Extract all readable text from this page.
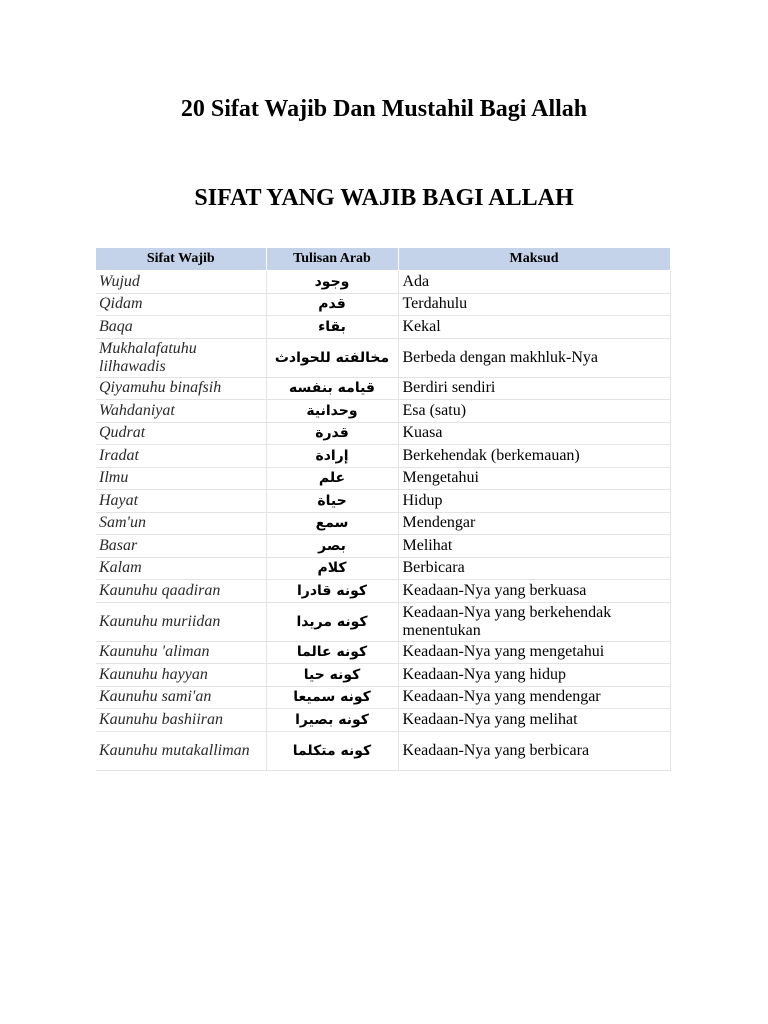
20 Sifat Wajib Dan Mustahil Bagi Allah
SIFAT YANG WAJIB BAGI ALLAH
Sifat Wajib	Tulisan Arab	Maksud
Wujud	وجود	Ada
Qidam	قدم	Terdahulu
Baqa	بقاء	Kekal
Mukhalafatuhu lilhawadis	مخالفته للحوادث	Berbeda dengan makhluk-Nya
Qiyamuhu binafsih	قيامه بنفسه	Berdiri sendiri
Wahdaniyat	وحدانية	Esa (satu)
Qudrat	قدرة	Kuasa
Iradat	إرادة	Berkehendak (berkemauan)
Ilmu	علم	Mengetahui
Hayat	حياة	Hidup
Sam'un	سمع	Mendengar
Basar	بصر	Melihat
Kalam	كلام	Berbicara
Kaunuhu qaadiran	كونه قادرا	Keadaan-Nya yang berkuasa
Kaunuhu muriidan	كونه مريدا	Keadaan-Nya yang berkehendak menentukan
Kaunuhu 'aliman	كونه عالما	Keadaan-Nya yang mengetahui
Kaunuhu hayyan	كونه حيا	Keadaan-Nya yang hidup
Kaunuhu sami'an	كونه سميعا	Keadaan-Nya yang mendengar
Kaunuhu bashiiran	كونه بصيرا	Keadaan-Nya yang melihat
Kaunuhu mutakalliman	كونه متكلما	Keadaan-Nya yang berbicara
